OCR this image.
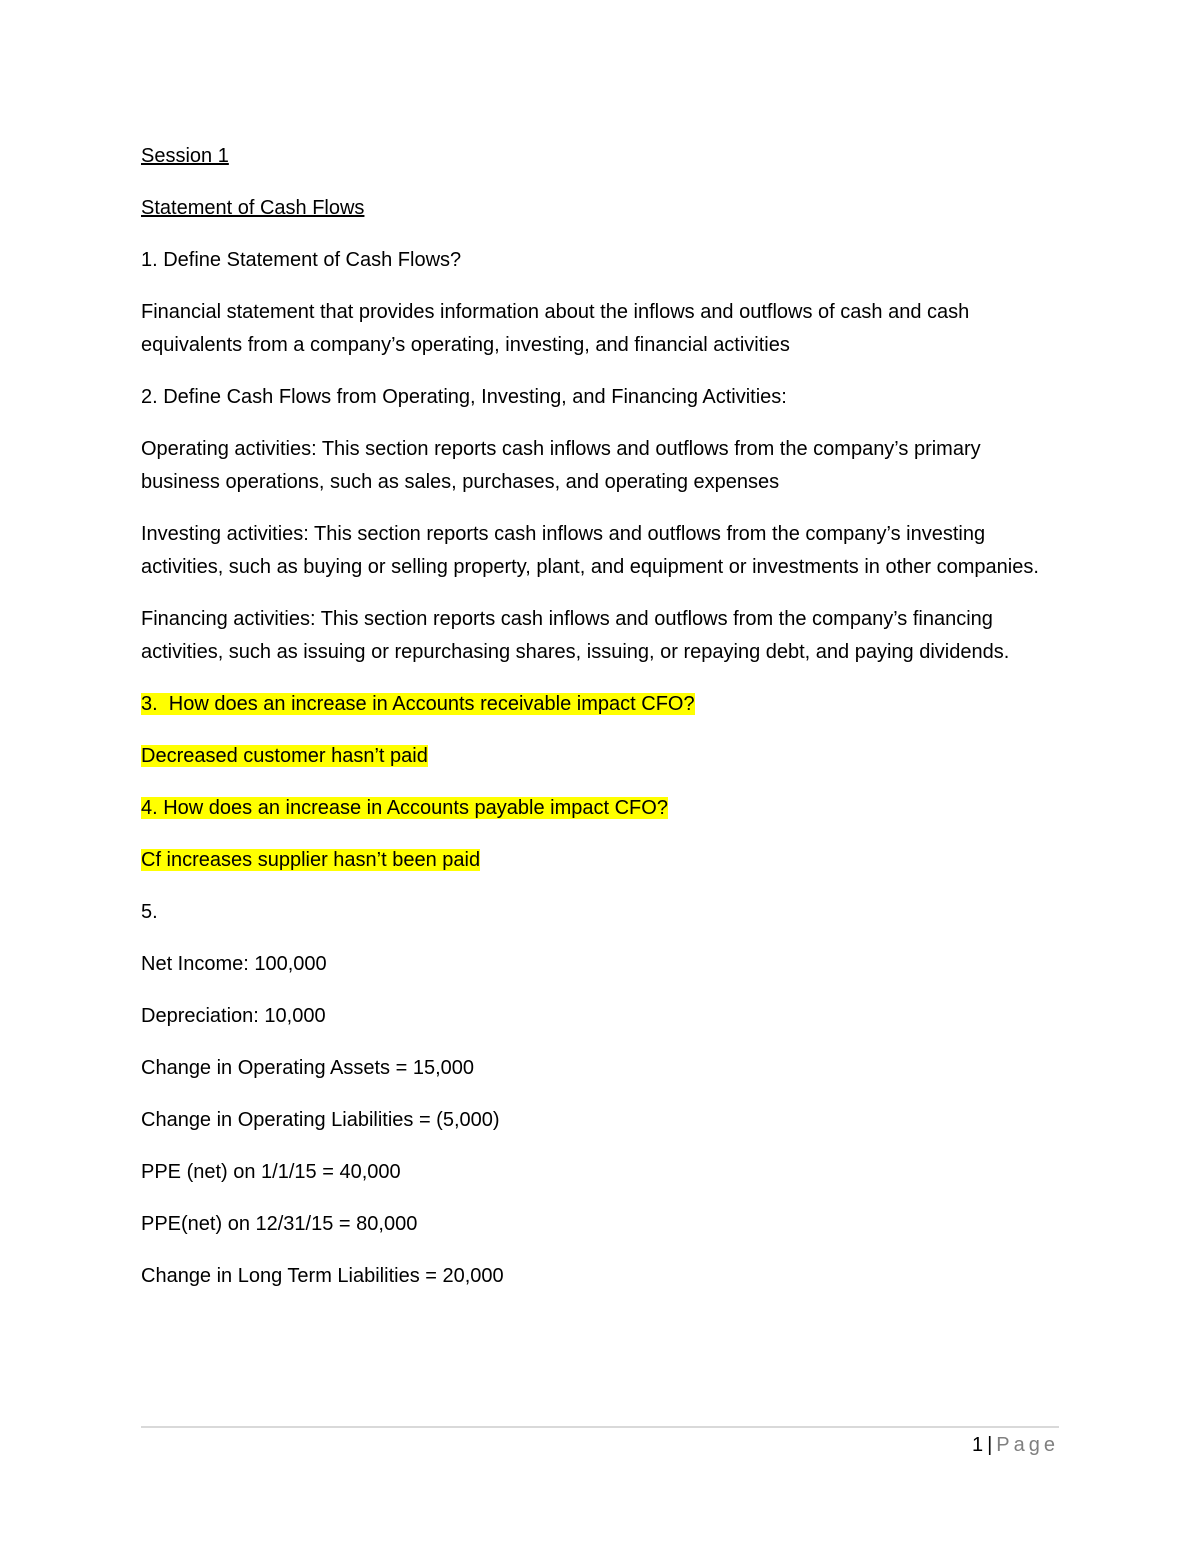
Session 1

Statement of Cash Flows

1. Define Statement of Cash Flows?

Financial statement that provides information about the inflows and outflows of cash and cash equivalents from a company’s operating, investing, and financial activities

2. Define Cash Flows from Operating, Investing, and Financing Activities:

Operating activities: This section reports cash inflows and outflows from the company’s primary business operations, such as sales, purchases, and operating expenses

Investing activities: This section reports cash inflows and outflows from the company’s investing activities, such as buying or selling property, plant, and equipment or investments in other companies.

Financing activities: This section reports cash inflows and outflows from the company’s financing activities, such as issuing or repurchasing shares, issuing, or repaying debt, and paying dividends.

3.  How does an increase in Accounts receivable impact CFO?

Decreased customer hasn’t paid

4. How does an increase in Accounts payable impact CFO?

Cf increases supplier hasn’t been paid

5.

Net Income: 100,000

Depreciation: 10,000

Change in Operating Assets = 15,000

Change in Operating Liabilities = (5,000)

PPE (net) on 1/1/15 = 40,000

PPE(net) on 12/31/15 = 80,000

Change in Long Term Liabilities = 20,000

1 | Page
